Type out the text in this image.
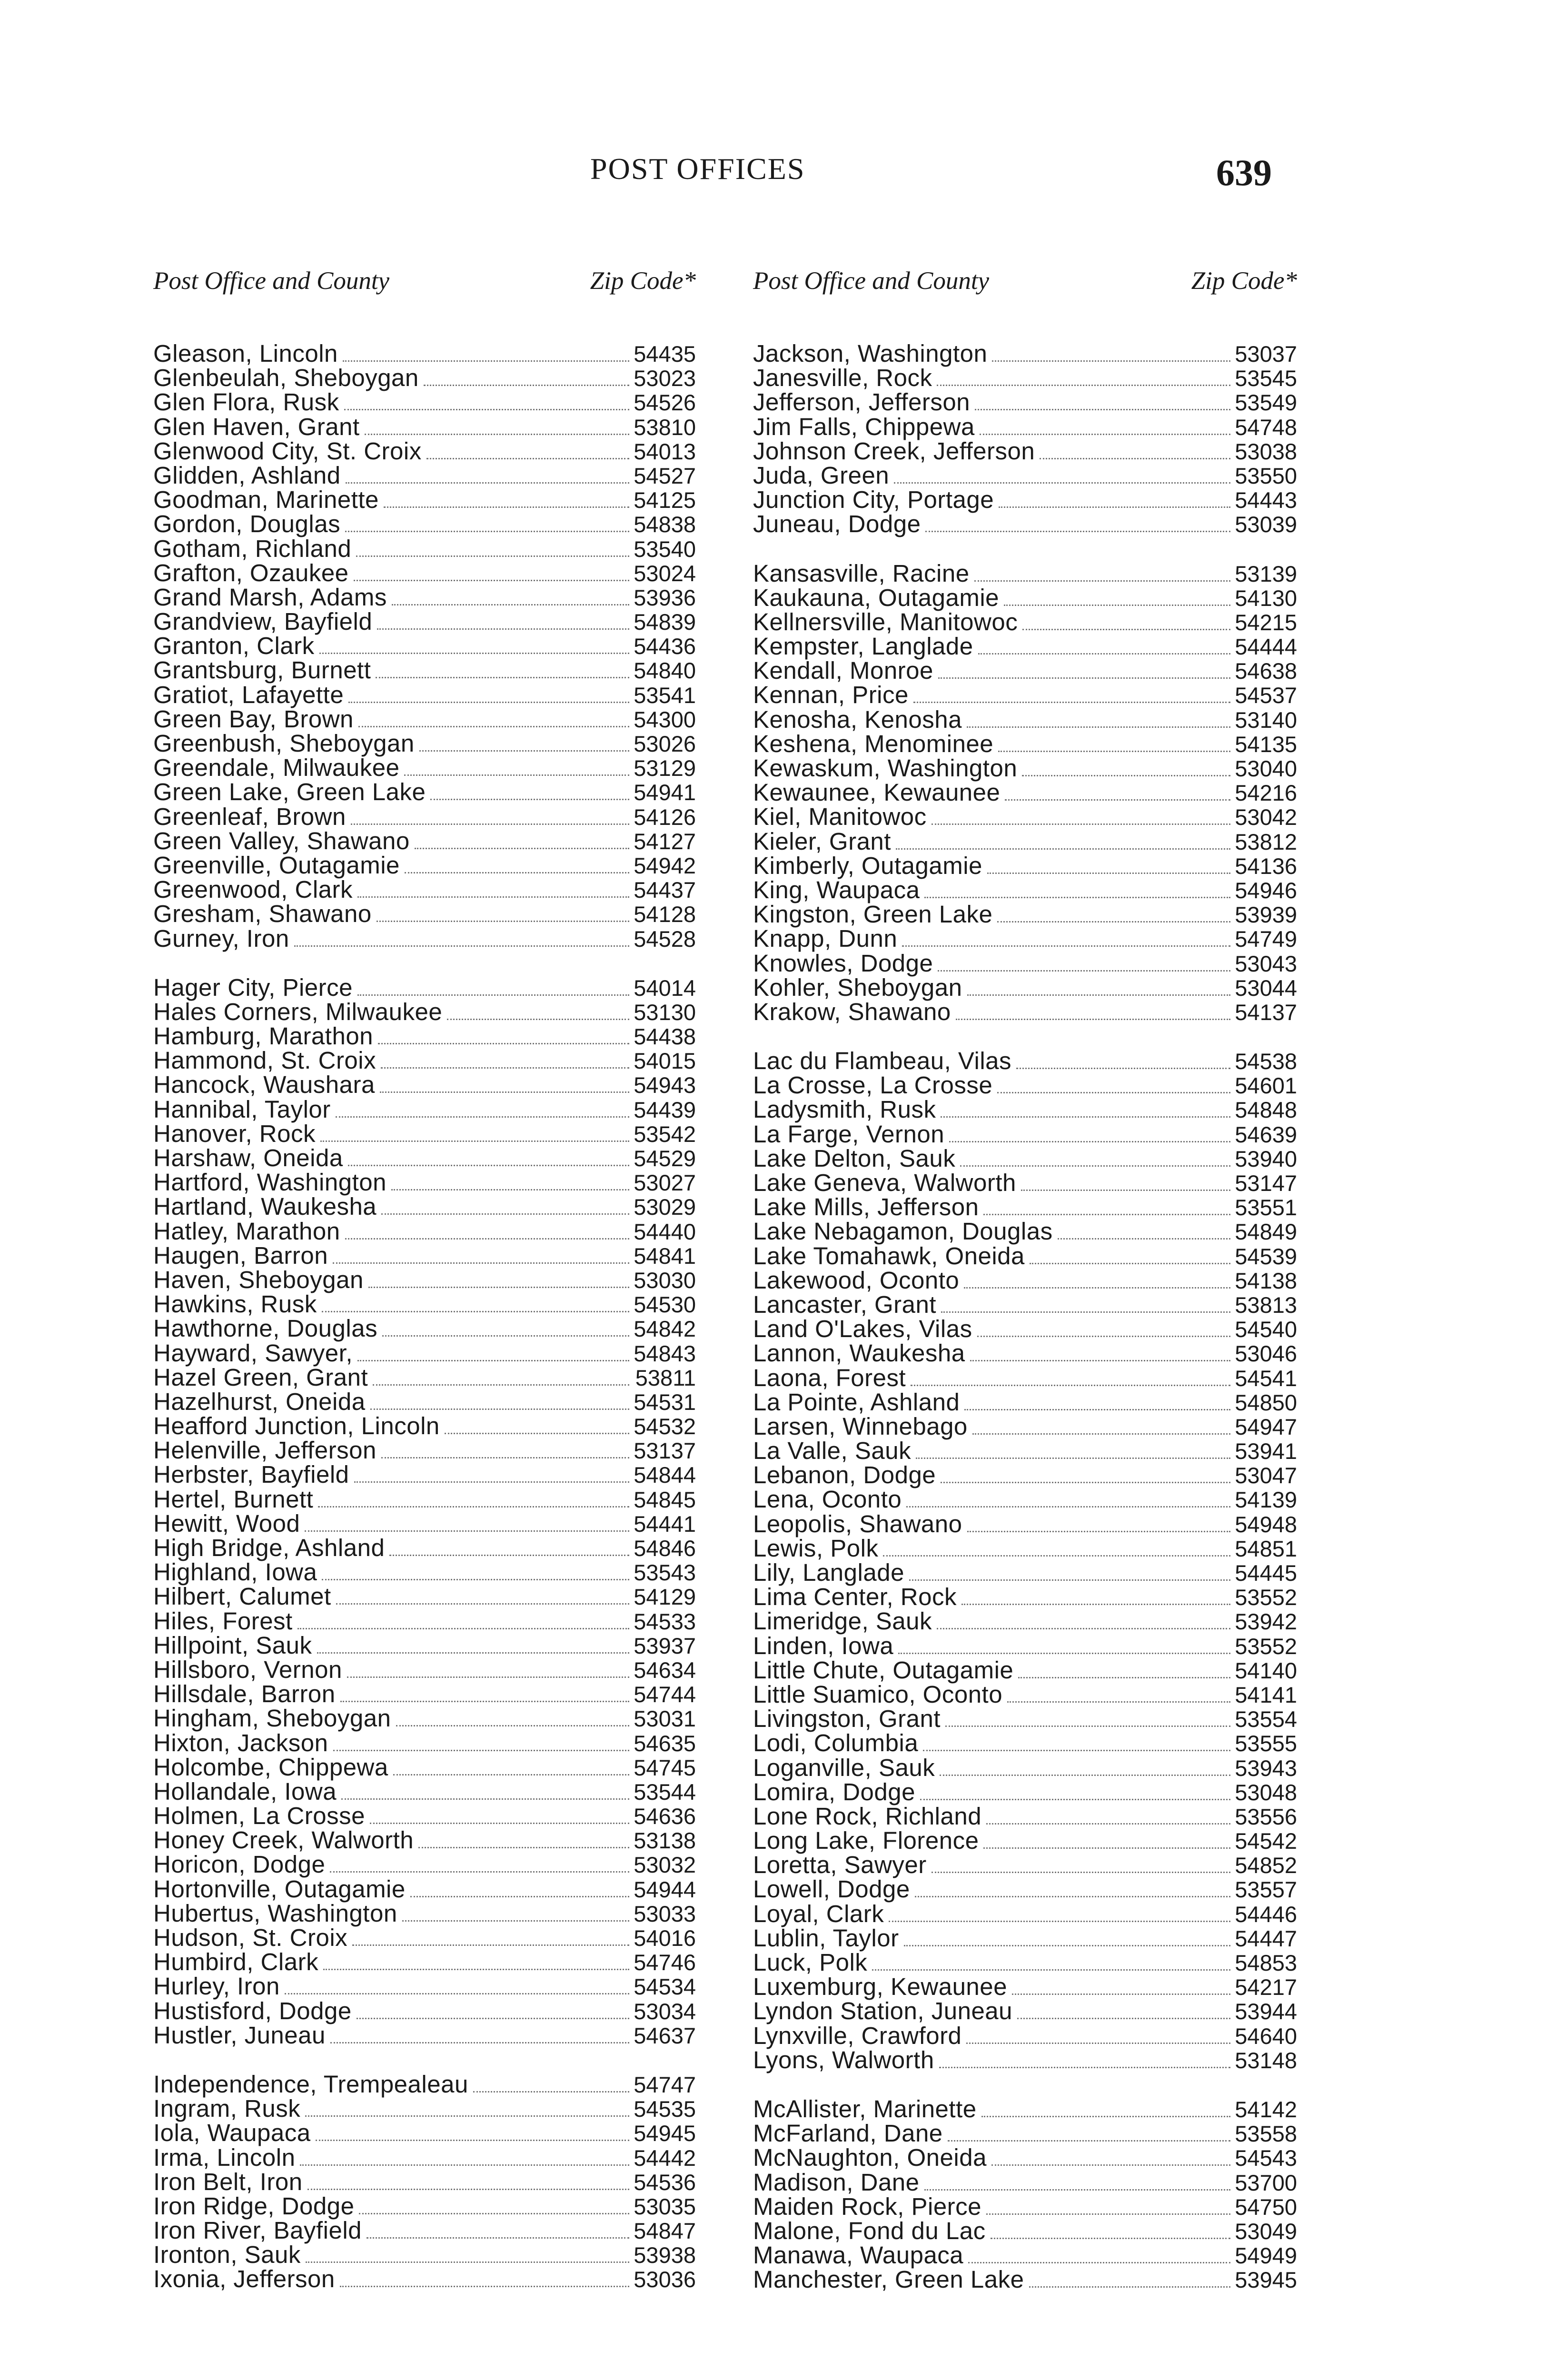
POST OFFICES	639
Post Office and County	Zip Code*
Gleason, Lincoln	54435
Glenbeulah, Sheboygan	53023
Glen Flora, Rusk	54526
Glen Haven, Grant	53810
Glenwood City, St. Croix	54013
Glidden, Ashland	54527
Goodman, Marinette	54125
Gordon, Douglas	54838
Gotham, Richland	53540
Grafton, Ozaukee	53024
Grand Marsh, Adams	53936
Grandview, Bayfield	54839
Granton, Clark	54436
Grantsburg, Burnett	54840
Gratiot, Lafayette	53541
Green Bay, Brown	54300
Greenbush, Sheboygan	53026
Greendale, Milwaukee	53129
Green Lake, Green Lake	54941
Greenleaf, Brown	54126
Green Valley, Shawano	54127
Greenville, Outagamie	54942
Greenwood, Clark	54437
Gresham, Shawano	54128
Gurney, Iron	54528
Hager City, Pierce	54014
Hales Corners, Milwaukee	53130
Hamburg, Marathon	54438
Hammond, St. Croix	54015
Hancock, Waushara	54943
Hannibal, Taylor	54439
Hanover, Rock	53542
Harshaw, Oneida	54529
Hartford, Washington	53027
Hartland, Waukesha	53029
Hatley, Marathon	54440
Haugen, Barron	54841
Haven, Sheboygan	53030
Hawkins, Rusk	54530
Hawthorne, Douglas	54842
Hayward, Sawyer,	54843
Hazel Green, Grant	53811
Hazelhurst, Oneida	54531
Heafford Junction, Lincoln	54532
Helenville, Jefferson	53137
Herbster, Bayfield	54844
Hertel, Burnett	54845
Hewitt, Wood	54441
High Bridge, Ashland	54846
Highland, Iowa	53543
Hilbert, Calumet	54129
Hiles, Forest	54533
Hillpoint, Sauk	53937
Hillsboro, Vernon	54634
Hillsdale, Barron	54744
Hingham, Sheboygan	53031
Hixton, Jackson	54635
Holcombe, Chippewa	54745
Hollandale, Iowa	53544
Holmen, La Crosse	54636
Honey Creek, Walworth	53138
Horicon, Dodge	53032
Hortonville, Outagamie	54944
Hubertus, Washington	53033
Hudson, St. Croix	54016
Humbird, Clark	54746
Hurley, Iron	54534
Hustisford, Dodge	53034
Hustler, Juneau	54637
Independence, Trempealeau	54747
Ingram, Rusk	54535
Iola, Waupaca	54945
Irma, Lincoln	54442
Iron Belt, Iron	54536
Iron Ridge, Dodge	53035
Iron River, Bayfield	54847
Ironton, Sauk	53938
Ixonia, Jefferson	53036
Post Office and County	Zip Code*
Jackson, Washington	53037
Janesville, Rock	53545
Jefferson, Jefferson	53549
Jim Falls, Chippewa	54748
Johnson Creek, Jefferson	53038
Juda, Green	53550
Junction City, Portage	54443
Juneau, Dodge	53039
Kansasville, Racine	53139
Kaukauna, Outagamie	54130
Kellnersville, Manitowoc	54215
Kempster, Langlade	54444
Kendall, Monroe	54638
Kennan, Price	54537
Kenosha, Kenosha	53140
Keshena, Menominee	54135
Kewaskum, Washington	53040
Kewaunee, Kewaunee	54216
Kiel, Manitowoc	53042
Kieler, Grant	53812
Kimberly, Outagamie	54136
King, Waupaca	54946
Kingston, Green Lake	53939
Knapp, Dunn	54749
Knowles, Dodge	53043
Kohler, Sheboygan	53044
Krakow, Shawano	54137
Lac du Flambeau, Vilas	54538
La Crosse, La Crosse	54601
Ladysmith, Rusk	54848
La Farge, Vernon	54639
Lake Delton, Sauk	53940
Lake Geneva, Walworth	53147
Lake Mills, Jefferson	53551
Lake Nebagamon, Douglas	54849
Lake Tomahawk, Oneida	54539
Lakewood, Oconto	54138
Lancaster, Grant	53813
Land O'Lakes, Vilas	54540
Lannon, Waukesha	53046
Laona, Forest	54541
La Pointe, Ashland	54850
Larsen, Winnebago	54947
La Valle, Sauk	53941
Lebanon, Dodge	53047
Lena, Oconto	54139
Leopolis, Shawano	54948
Lewis, Polk	54851
Lily, Langlade	54445
Lima Center, Rock	53552
Limeridge, Sauk	53942
Linden, Iowa	53552
Little Chute, Outagamie	54140
Little Suamico, Oconto	54141
Livingston, Grant	53554
Lodi, Columbia	53555
Loganville, Sauk	53943
Lomira, Dodge	53048
Lone Rock, Richland	53556
Long Lake, Florence	54542
Loretta, Sawyer	54852
Lowell, Dodge	53557
Loyal, Clark	54446
Lublin, Taylor	54447
Luck, Polk	54853
Luxemburg, Kewaunee	54217
Lyndon Station, Juneau	53944
Lynxville, Crawford	54640
Lyons, Walworth	53148
McAllister, Marinette	54142
McFarland, Dane	53558
McNaughton, Oneida	54543
Madison, Dane	53700
Maiden Rock, Pierce	54750
Malone, Fond du Lac	53049
Manawa, Waupaca	54949
Manchester, Green Lake	53945
